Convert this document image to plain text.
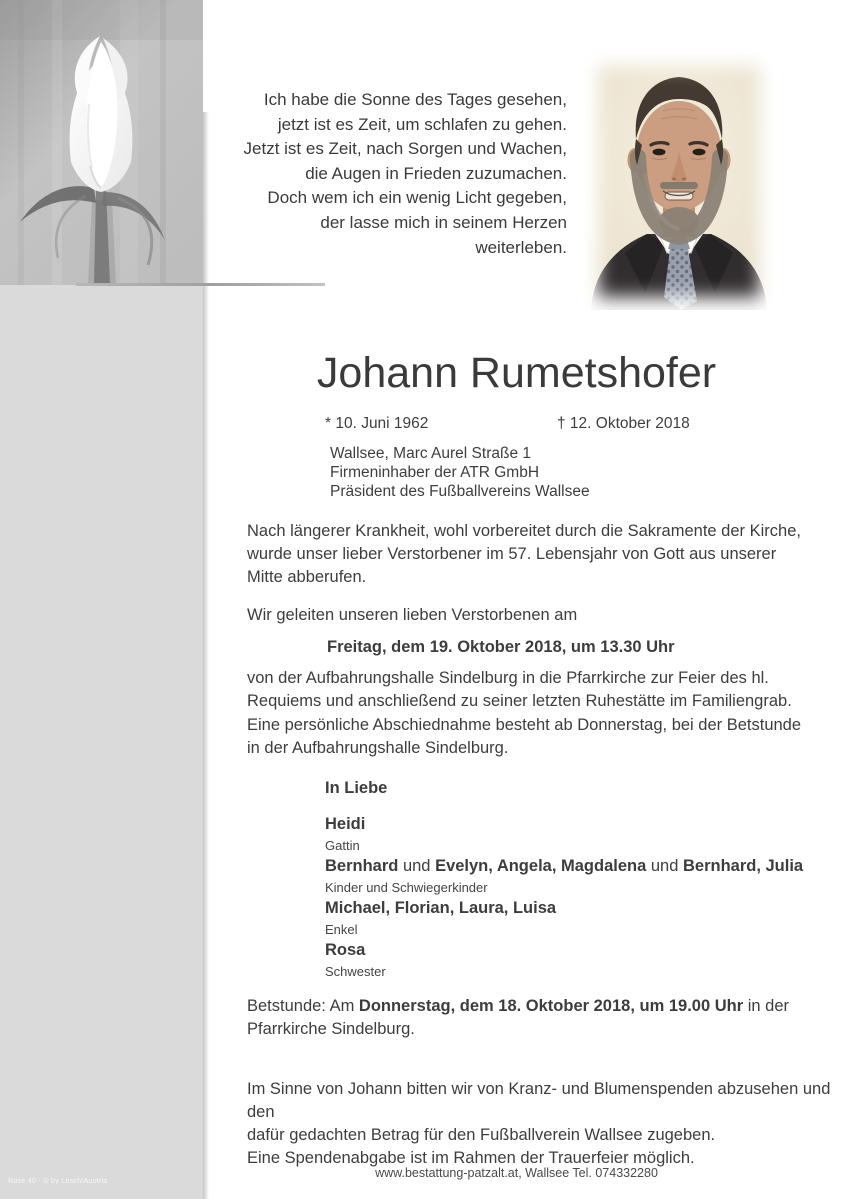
Rose 40 - © by Lösch/Austria
Ich habe die Sonne des Tages gesehen,
jetzt ist es Zeit, um schlafen zu gehen.
Jetzt ist es Zeit, nach Sorgen und Wachen,
die Augen in Frieden zuzumachen.
Doch wem ich ein wenig Licht gegeben,
der lasse mich in seinem Herzen weiterleben.
Johann Rumetshofer
* 10. Juni 1962	† 12. Oktober 2018
Wallsee, Marc Aurel Straße 1
Firmeninhaber der ATR GmbH
Präsident des Fußballvereins Wallsee
Nach längerer Krankheit, wohl vorbereitet durch die Sakramente der Kirche,
wurde unser lieber Verstorbener im 57. Lebensjahr von Gott aus unserer
Mitte abberufen.
Wir geleiten unseren lieben Verstorbenen am
Freitag, dem 19. Oktober 2018, um 13.30 Uhr
von der Aufbahrungshalle Sindelburg in die Pfarrkirche zur Feier des hl.
Requiems und anschließend zu seiner letzten Ruhestätte im Familiengrab.
Eine persönliche Abschiednahme besteht ab Donnerstag, bei der Betstunde
in der Aufbahrungshalle Sindelburg.
In Liebe
Heidi
Gattin
Bernhard und Evelyn, Angela, Magdalena und Bernhard, Julia
Kinder und Schwiegerkinder
Michael, Florian, Laura, Luisa
Enkel
Rosa
Schwester
Betstunde: Am Donnerstag, dem 18. Oktober 2018, um 19.00 Uhr in der
Pfarrkirche Sindelburg.
Im Sinne von Johann bitten wir von Kranz- und Blumenspenden abzusehen und den
dafür gedachten Betrag für den Fußballverein Wallsee zugeben.
Eine Spendenabgabe ist im Rahmen der Trauerfeier möglich.
www.bestattung-patzalt.at, Wallsee Tel. 074332280
